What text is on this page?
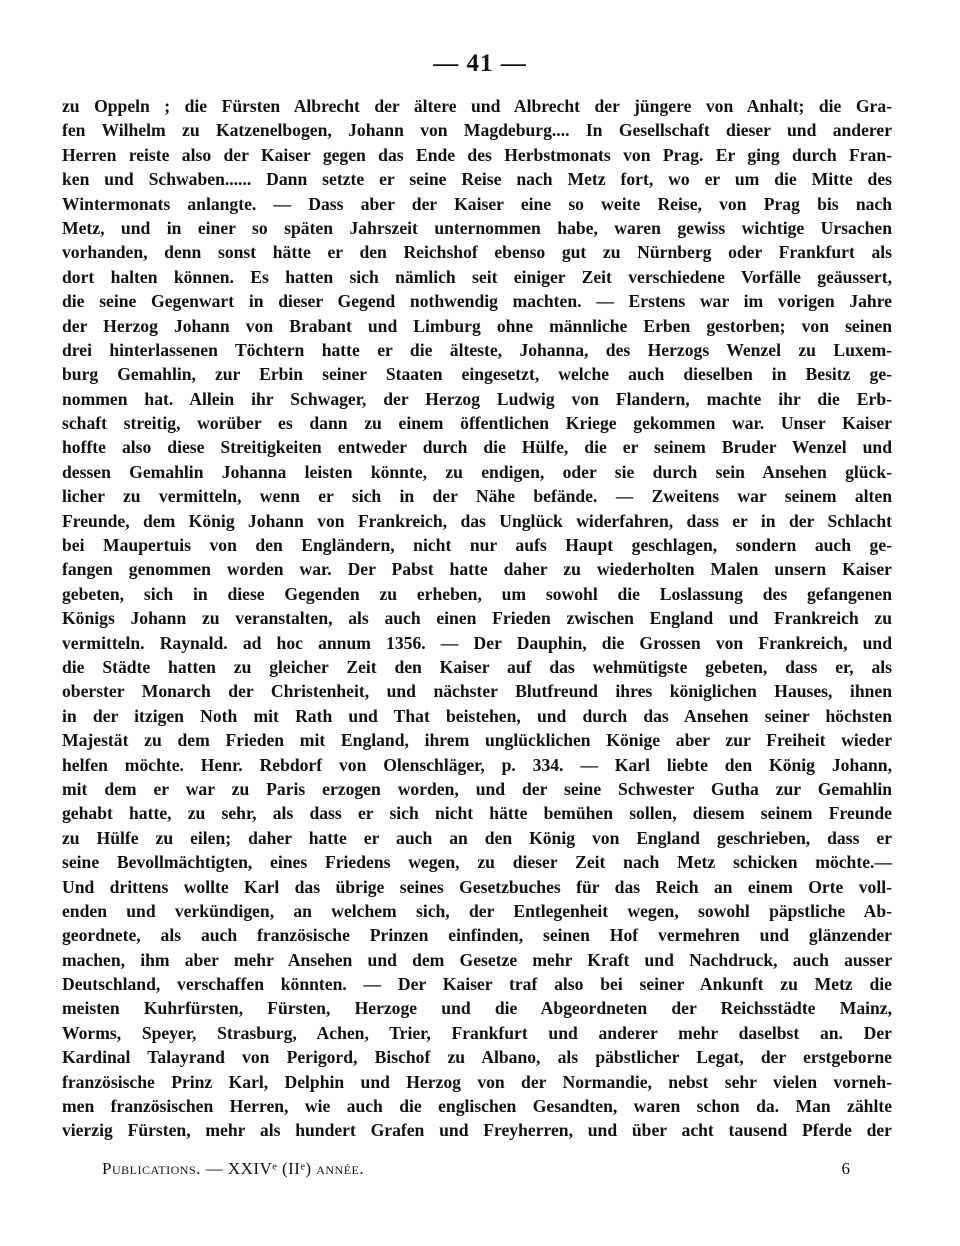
— 41 —
zu Oppeln ; die Fürsten Albrecht der ältere und Albrecht der jüngere von Anhalt; die Gra-
fen Wilhelm zu Katzenelbogen, Johann von Magdeburg.... In Gesellschaft dieser und anderer
Herren reiste also der Kaiser gegen das Ende des Herbstmonats von Prag. Er ging durch Fran-
ken und Schwaben...... Dann setzte er seine Reise nach Metz fort, wo er um die Mitte des
Wintermonats anlangte. — Dass aber der Kaiser eine so weite Reise, von Prag bis nach
Metz, und in einer so späten Jahrszeit unternommen habe, waren gewiss wichtige Ursachen
vorhanden, denn sonst hätte er den Reichshof ebenso gut zu Nürnberg oder Frankfurt als
dort halten können. Es hatten sich nämlich seit einiger Zeit verschiedene Vorfälle geäussert,
die seine Gegenwart in dieser Gegend nothwendig machten. — Erstens war im vorigen Jahre
der Herzog Johann von Brabant und Limburg ohne männliche Erben gestorben; von seinen
drei hinterlassenen Töchtern hatte er die älteste, Johanna, des Herzogs Wenzel zu Luxem-
burg Gemahlin, zur Erbin seiner Staaten eingesetzt, welche auch dieselben in Besitz ge-
nommen hat. Allein ihr Schwager, der Herzog Ludwig von Flandern, machte ihr die Erb-
schaft streitig, worüber es dann zu einem öffentlichen Kriege gekommen war. Unser Kaiser
hoffte also diese Streitigkeiten entweder durch die Hülfe, die er seinem Bruder Wenzel und
dessen Gemahlin Johanna leisten könnte, zu endigen, oder sie durch sein Ansehen glück-
licher zu vermitteln, wenn er sich in der Nähe befände. — Zweitens war seinem alten
Freunde, dem König Johann von Frankreich, das Unglück widerfahren, dass er in der Schlacht
bei Maupertuis von den Engländern, nicht nur aufs Haupt geschlagen, sondern auch ge-
fangen genommen worden war. Der Pabst hatte daher zu wiederholten Malen unsern Kaiser
gebeten, sich in diese Gegenden zu erheben, um sowohl die Loslassung des gefangenen
Königs Johann zu veranstalten, als auch einen Frieden zwischen England und Frankreich zu
vermitteln. Raynald. ad hoc annum 1356. — Der Dauphin, die Grossen von Frankreich, und
die Städte hatten zu gleicher Zeit den Kaiser auf das wehmütigste gebeten, dass er, als
oberster Monarch der Christenheit, und nächster Blutfreund ihres königlichen Hauses, ihnen
in der itzigen Noth mit Rath und That beistehen, und durch das Ansehen seiner höchsten
Majestät zu dem Frieden mit England, ihrem unglücklichen Könige aber zur Freiheit wieder
helfen möchte. Henr. Rebdorf von Olenschläger, p. 334. — Karl liebte den König Johann,
mit dem er war zu Paris erzogen worden, und der seine Schwester Gutha zur Gemahlin
gehabt hatte, zu sehr, als dass er sich nicht hätte bemühen sollen, diesem seinem Freunde
zu Hülfe zu eilen; daher hatte er auch an den König von England geschrieben, dass er
seine Bevollmächtigten, eines Friedens wegen, zu dieser Zeit nach Metz schicken möchte.—
Und drittens wollte Karl das übrige seines Gesetzbuches für das Reich an einem Orte voll-
enden und verkündigen, an welchem sich, der Entlegenheit wegen, sowohl päpstliche Ab-
geordnete, als auch französische Prinzen einfinden, seinen Hof vermehren und glänzender
machen, ihm aber mehr Ansehen und dem Gesetze mehr Kraft und Nachdruck, auch ausser
Deutschland, verschaffen könnten. — Der Kaiser traf also bei seiner Ankunft zu Metz die
meisten Kuhrfürsten, Fürsten, Herzoge und die Abgeordneten der Reichsstädte Mainz,
Worms, Speyer, Strasburg, Achen, Trier, Frankfurt und anderer mehr daselbst an. Der
Kardinal Talayrand von Perigord, Bischof zu Albano, als päbstlicher Legat, der erstgeborne
französische Prinz Karl, Delphin und Herzog von der Normandie, nebst sehr vielen vorneh-
men französischen Herren, wie auch die englischen Gesandten, waren schon da. Man zählte
vierzig Fürsten, mehr als hundert Grafen und Freyherren, und über acht tausend Pferde der
Publications. — XXIVᵉ (IIᵉ) année.	6
